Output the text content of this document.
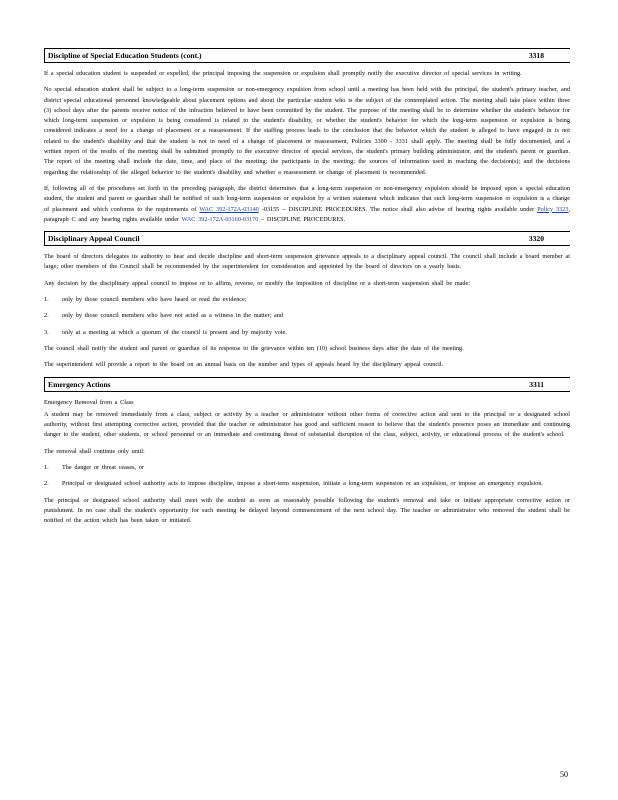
Discipline of Special Education Students (cont.)	3318

If a special education student is suspended or expelled, the principal imposing the suspension or expulsion shall promptly notify the executive director of special services in writing.

No special education student shall be subject to a long-term suspension or non-emergency expulsion from school until a meeting has been held with the principal, the student's primary teacher, and district special educational personnel knowledgeable about placement options and about the particular student who is the subject of the contemplated action. The meeting shall take place within three (3) school days after the parents receive notice of the infraction believed to have been committed by the student. The purpose of the meeting shall be to determine whether the student's behavior for which long-term suspension or expulsion is being considered is related to the student's disability, or whether the student's behavior for which the long-term suspension or expulsion is being considered indicates a need for a change of placement or a reassessment. If the staffing process leads to the conclusion that the behavior which the student is alleged to have engaged in is not related to the student's disability and that the student is not in need of a change of placement or reassessment, Policies 3300 - 3331 shall apply. The meeting shall be fully documented, and a written report of the results of the meeting shall be submitted promptly to the executive director of special services, the student's primary building administrator, and the student's parent or guardian. The report of the meeting shall include the date, time, and place of the meeting; the participants in the meeting; the sources of information used in reaching the decision(s); and the decisions regarding the relationship of the alleged behavior to the student's disability and whether a reassessment or change of placement is recommended.

If, following all of the procedures set forth in the preceding paragraph, the district determines that a long-term suspension or non-emergency expulsion should be imposed upon a special education student, the student and parent or guardian shall be notified of such long-term suspension or expulsion by a written statement which indicates that such long-term suspension or expulsion is a change of placement and which conforms to the requirements of WAC 392-172A-03140 -03155 – DISCIPLINE PROCEDURES. The notice shall also advise of hearing rights available under Policy 3323, paragraph C and any hearing rights available under WAC 392-172A-03160-03170 – DISCIPLINE PROCEDURES.

Disciplinary Appeal Council	3320

The board of directors delegates its authority to hear and decide discipline and short-term suspension grievance appeals to a disciplinary appeal council. The council shall include a board member at large; other members of the Council shall be recommended by the superintendent for consideration and appointed by the board of directors on a yearly basis.

Any decision by the disciplinary appeal council to impose or to affirm, reverse, or modify the imposition of discipline or a short-term suspension shall be made:

1.	only by those council members who have heard or read the evidence;
2.	only by those council members who have not acted as a witness in the matter; and
3.	only at a meeting at which a quorum of the council is present and by majority vote.

The council shall notify the student and parent or guardian of its response to the grievance within ten (10) school business days after the date of the meeting.

The superintendent will provide a report to the board on an annual basis on the number and types of appeals heard by the disciplinary appeal council.

Emergency Actions	3311

Emergency Removal from a Class

A student may be removed immediately from a class, subject or activity by a teacher or administrator without other forms of corrective action and sent to the principal or a designated school authority, without first attempting corrective action, provided that the teacher or administrator has good and sufficient reason to believe that the student's presence poses an immediate and continuing danger to the student, other students, or school personnel or an immediate and continuing threat of substantial disruption of the class, subject, activity, or educational process of the student's school.

The removal shall continue only until:

1.	The danger or threat ceases, or
2.	Principal or designated school authority acts to impose discipline, impose a short-term suspension, initiate a long-term suspension or an expulsion, or impose an emergency expulsion.

The principal or designated school authority shall meet with the student as soon as reasonably possible following the student's removal and take or initiate appropriate corrective action or punishment. In no case shall the student's opportunity for such meeting be delayed beyond commencement of the next school day. The teacher or administrator who removed the student shall be notified of the action which has been taken or initiated.

50
